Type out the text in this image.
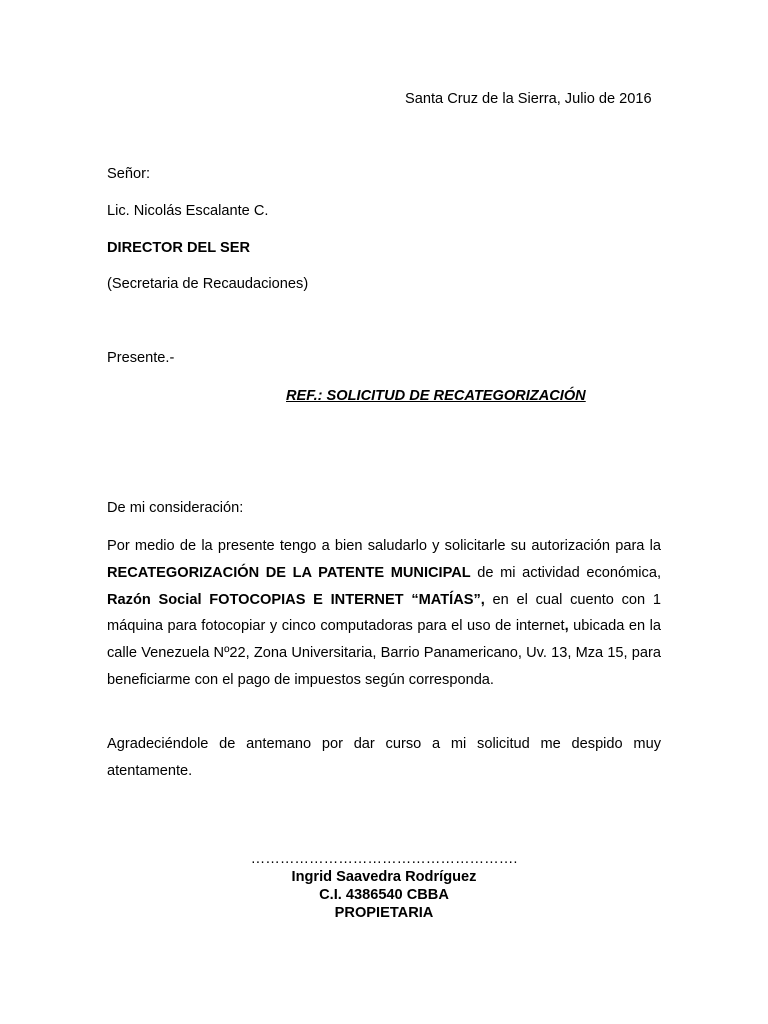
Santa Cruz de la Sierra, Julio de 2016

Señor:

Lic. Nicolás Escalante C.

DIRECTOR DEL SER

(Secretaria de Recaudaciones)

Presente.-

REF.: SOLICITUD DE RECATEGORIZACIÓN

De mi consideración:

Por medio de la presente tengo a bien saludarlo y solicitarle su autorización para la RECATEGORIZACIÓN DE LA PATENTE MUNICIPAL de mi actividad económica, Razón Social FOTOCOPIAS E INTERNET “MATÍAS”, en el cual cuento con 1 máquina para fotocopiar y cinco computadoras para el uso de internet, ubicada en la calle Venezuela Nº22, Zona Universitaria, Barrio Panamericano, Uv. 13, Mza 15, para beneficiarme con el pago de impuestos según corresponda.

Agradeciéndole de antemano por dar curso a mi solicitud me despido muy atentamente.

……………………………………………….

Ingrid Saavedra Rodríguez

C.I. 4386540 CBBA

PROPIETARIA
